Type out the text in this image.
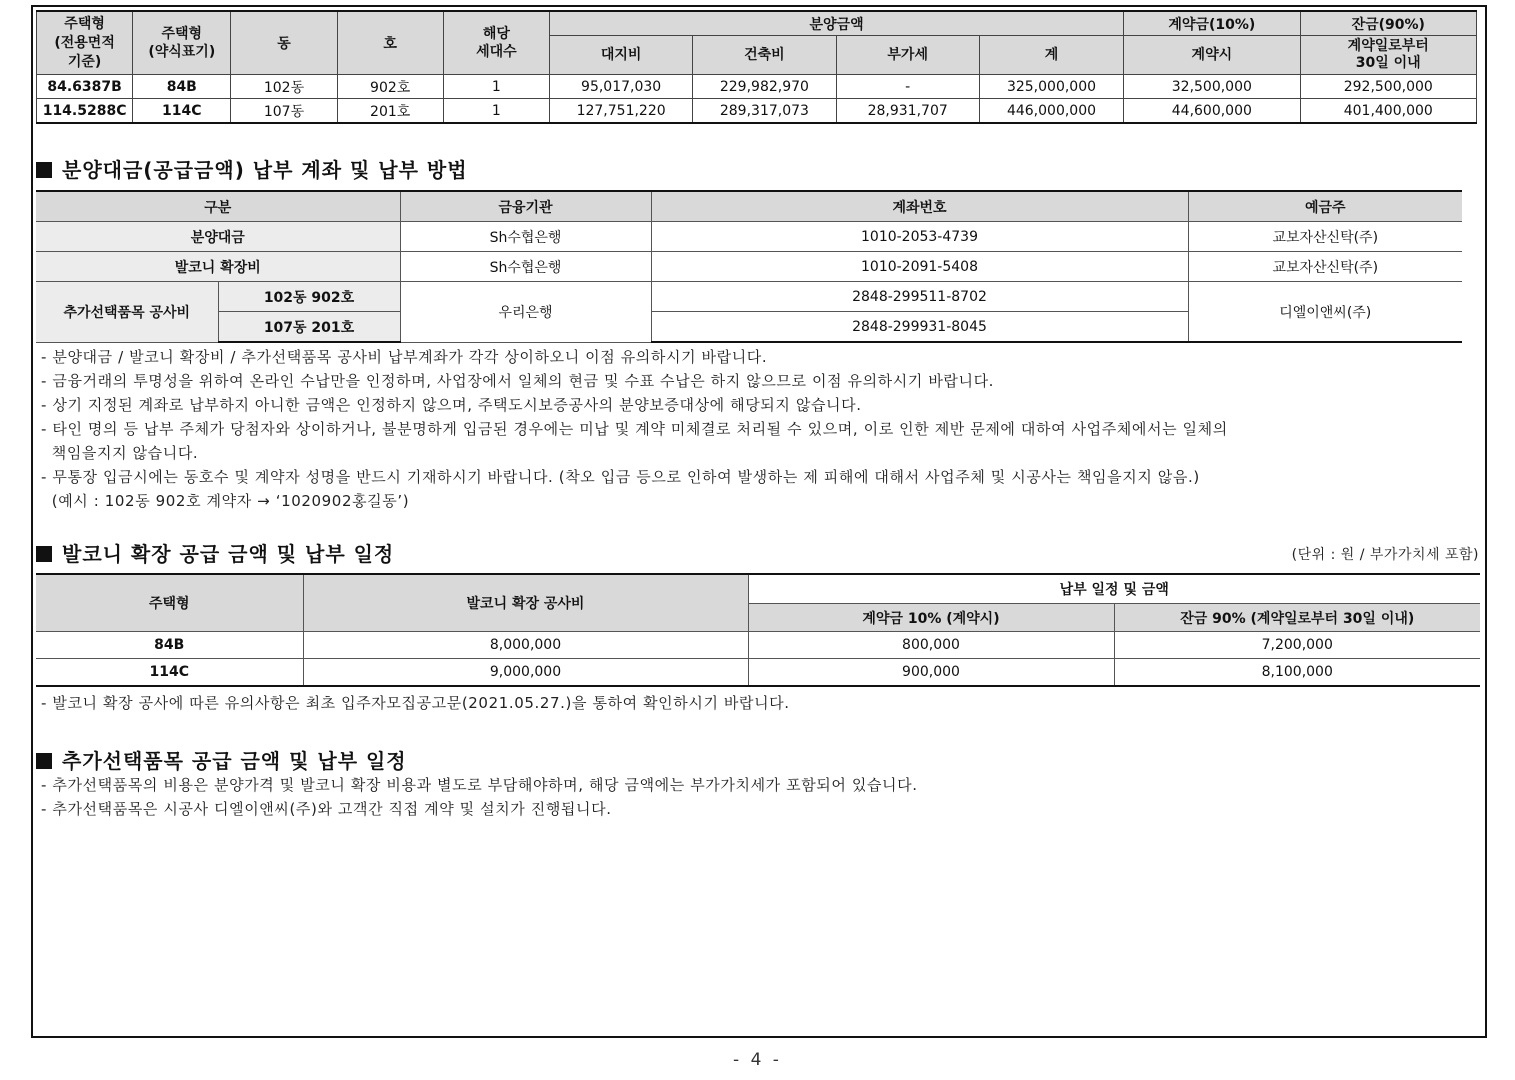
주택형
(전용면적
기준)	주택형
(약식표기)	동	호	해당
세대수	분양금액				계약금(10%)	잔금(90%)
					대지비	건축비	부가세	계	계약시	계약일로부터
30일 이내
84.6387B	84B	102동	902호	1	95,017,030	229,982,970	-	325,000,000	32,500,000	292,500,000
114.5288C	114C	107동	201호	1	127,751,220	289,317,073	28,931,707	446,000,000	44,600,000	401,400,000
분양대금(공급금액) 납부 계좌 및 납부 방법
구분		금융기관	계좌번호	예금주
분양대금		Sh수협은행	1010-2053-4739	교보자산신탁(주)
발코니 확장비		Sh수협은행	1010-2091-5408	교보자산신탁(주)
추가선택품목 공사비	102동 902호	우리은행	2848-299511-8702	디엘이앤씨(주)
	107동 201호		2848-299931-8045	
- 분양대금 / 발코니 확장비 / 추가선택품목 공사비 납부계좌가 각각 상이하오니 이점 유의하시기 바랍니다.
- 금융거래의 투명성을 위하여 온라인 수납만을 인정하며, 사업장에서 일체의 현금 및 수표 수납은 하지 않으므로 이점 유의하시기 바랍니다.
- 상기 지정된 계좌로 납부하지 아니한 금액은 인정하지 않으며, 주택도시보증공사의 분양보증대상에 해당되지 않습니다.
- 타인 명의 등 납부 주체가 당첨자와 상이하거나, 불분명하게 입금된 경우에는 미납 및 계약 미체결로 처리될 수 있으며, 이로 인한 제반 문제에 대하여 사업주체에서는 일체의
책임을지지 않습니다.
- 무통장 입금시에는 동호수 및 계약자 성명을 반드시 기재하시기 바랍니다. (착오 입금 등으로 인하여 발생하는 제 피해에 대해서 사업주체 및 시공사는 책임을지지 않음.)
(예시 : 102동 902호 계약자 → ‘1020902홍길동’)
발코니 확장 공급 금액 및 납부 일정	(단위 : 원 / 부가가치세 포함)
주택형	발코니 확장 공사비	납부 일정 및 금액	
		계약금 10% (계약시)	잔금 90% (계약일로부터 30일 이내)
84B	8,000,000	800,000	7,200,000
114C	9,000,000	900,000	8,100,000
- 발코니 확장 공사에 따른 유의사항은 최초 입주자모집공고문(2021.05.27.)을 통하여 확인하시기 바랍니다.
추가선택품목 공급 금액 및 납부 일정
- 추가선택품목의 비용은 분양가격 및 발코니 확장 비용과 별도로 부담해야하며, 해당 금액에는 부가가치세가 포함되어 있습니다.
- 추가선택품목은 시공사 디엘이앤씨(주)와 고객간 직접 계약 및 설치가 진행됩니다.
- 4 -
